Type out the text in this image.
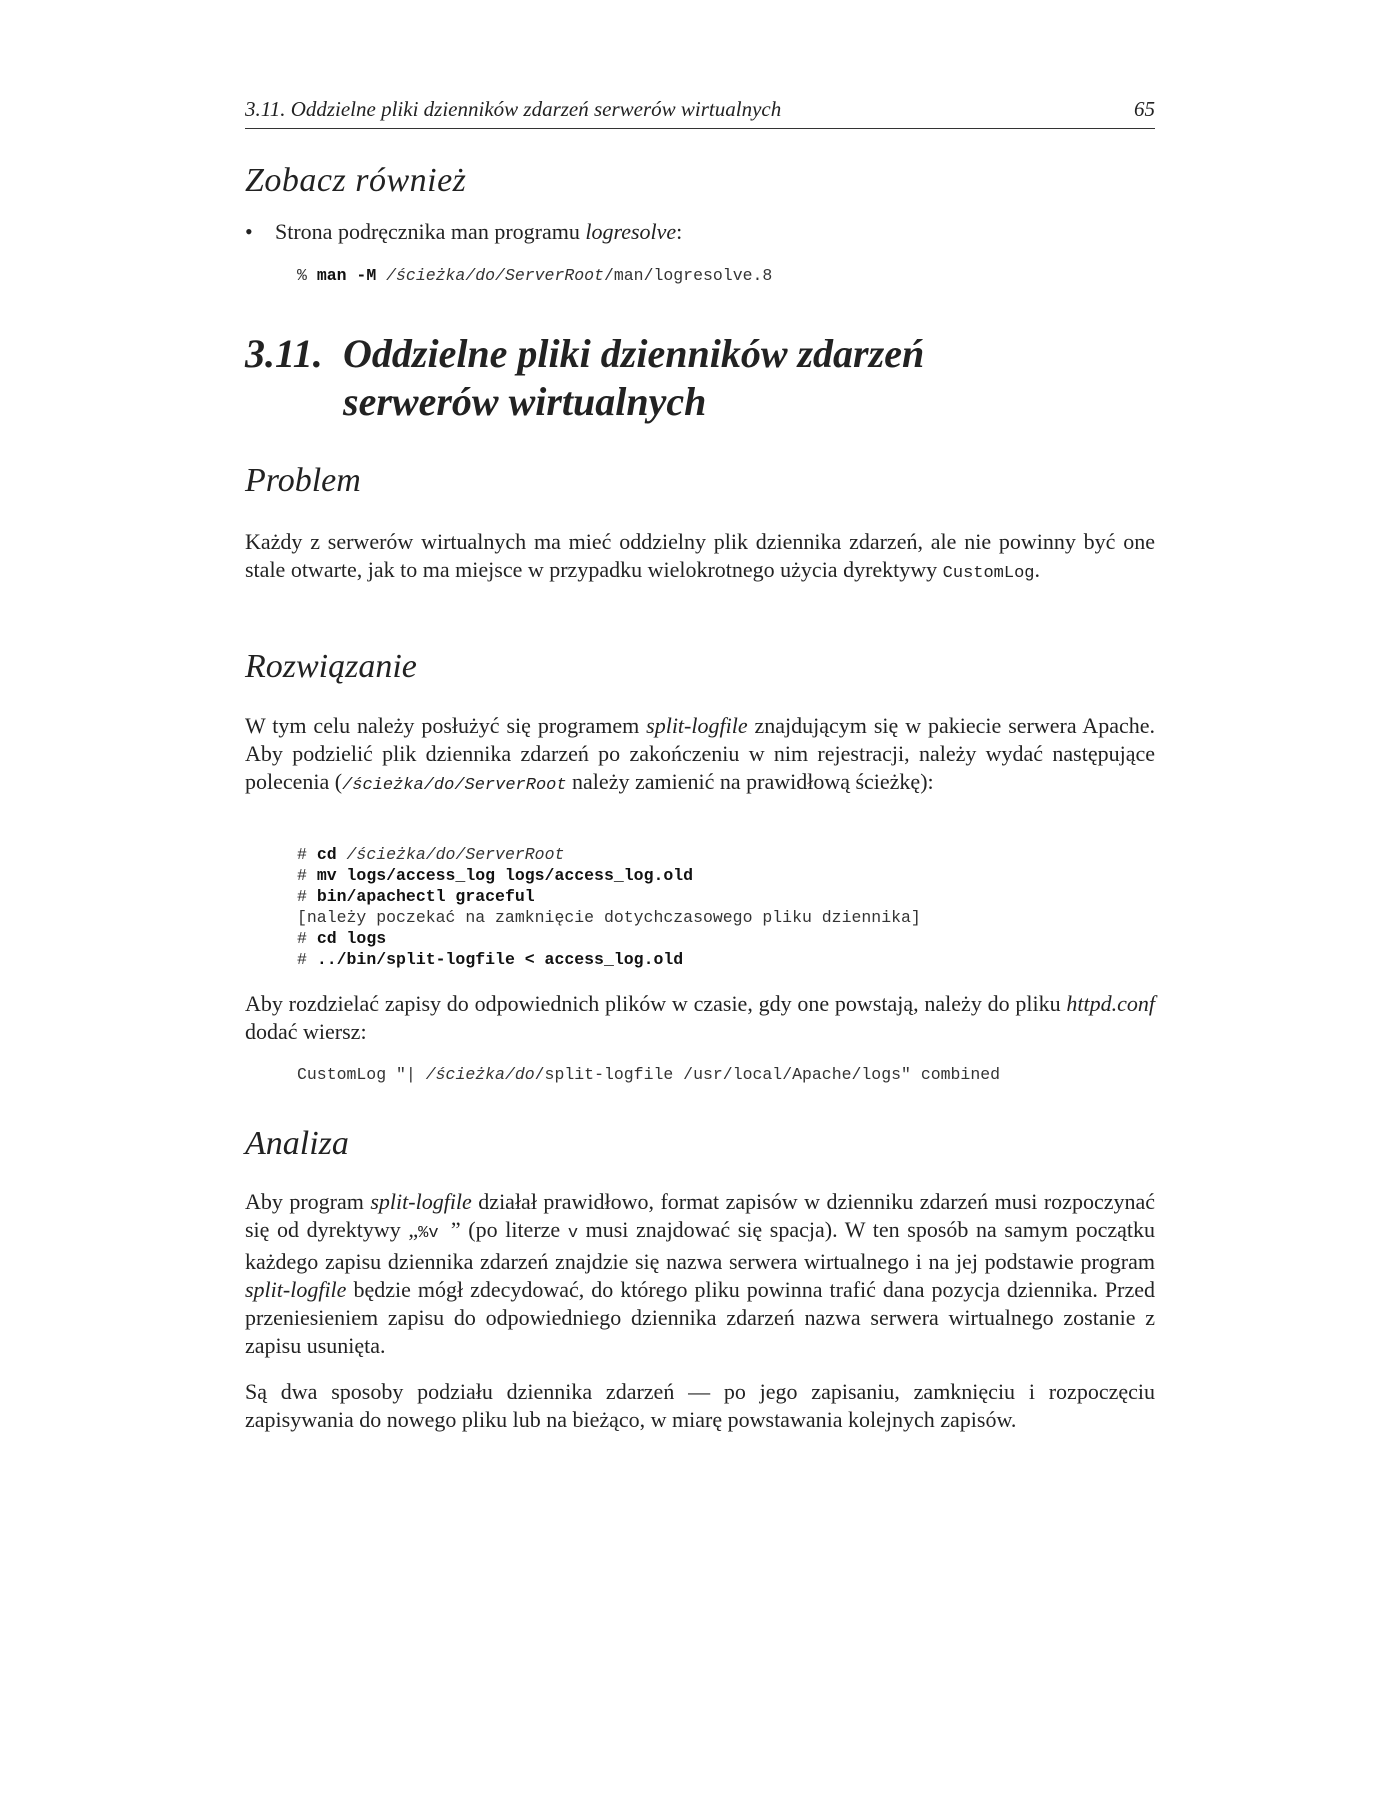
3.11. Oddzielne pliki dzienników zdarzeń serwerów wirtualnych	65
Zobacz również
• Strona podręcznika man programu logresolve:
% man -M /ścieżka/do/ServerRoot/man/logresolve.8
3.11. Oddzielne pliki dzienników zdarzeń
serwerów wirtualnych
Problem
Każdy z serwerów wirtualnych ma mieć oddzielny plik dziennika zdarzeń, ale nie powinny być one stale otwarte, jak to ma miejsce w przypadku wielokrotnego użycia dyrektywy CustomLog.
Rozwiązanie
W tym celu należy posłużyć się programem split-logfile znajdującym się w pakiecie serwera Apache. Aby podzielić plik dziennika zdarzeń po zakończeniu w nim rejestracji, należy wydać następujące polecenia (/ścieżka/do/ServerRoot należy zamienić na prawidłową ścieżkę):
# cd /ścieżka/do/ServerRoot
# mv logs/access_log logs/access_log.old
# bin/apachectl graceful
[należy poczekać na zamknięcie dotychczasowego pliku dziennika]
# cd logs
# ../bin/split-logfile < access_log.old
Aby rozdzielać zapisy do odpowiednich plików w czasie, gdy one powstają, należy do pliku httpd.conf dodać wiersz:
CustomLog "| /ścieżka/do/split-logfile /usr/local/Apache/logs" combined
Analiza
Aby program split-logfile działał prawidłowo, format zapisów w dzienniku zdarzeń musi rozpoczynać się od dyrektywy „%v ” (po literze v musi znajdować się spacja). W ten sposób na samym początku każdego zapisu dziennika zdarzeń znajdzie się nazwa serwera wirtualnego i na jej podstawie program split-logfile będzie mógł zdecydować, do którego pliku powinna trafić dana pozycja dziennika. Przed przeniesieniem zapisu do odpowiedniego dziennika zdarzeń nazwa serwera wirtualnego zostanie z zapisu usunięta.
Są dwa sposoby podziału dziennika zdarzeń — po jego zapisaniu, zamknięciu i rozpoczęciu zapisywania do nowego pliku lub na bieżąco, w miarę powstawania kolejnych zapisów.
